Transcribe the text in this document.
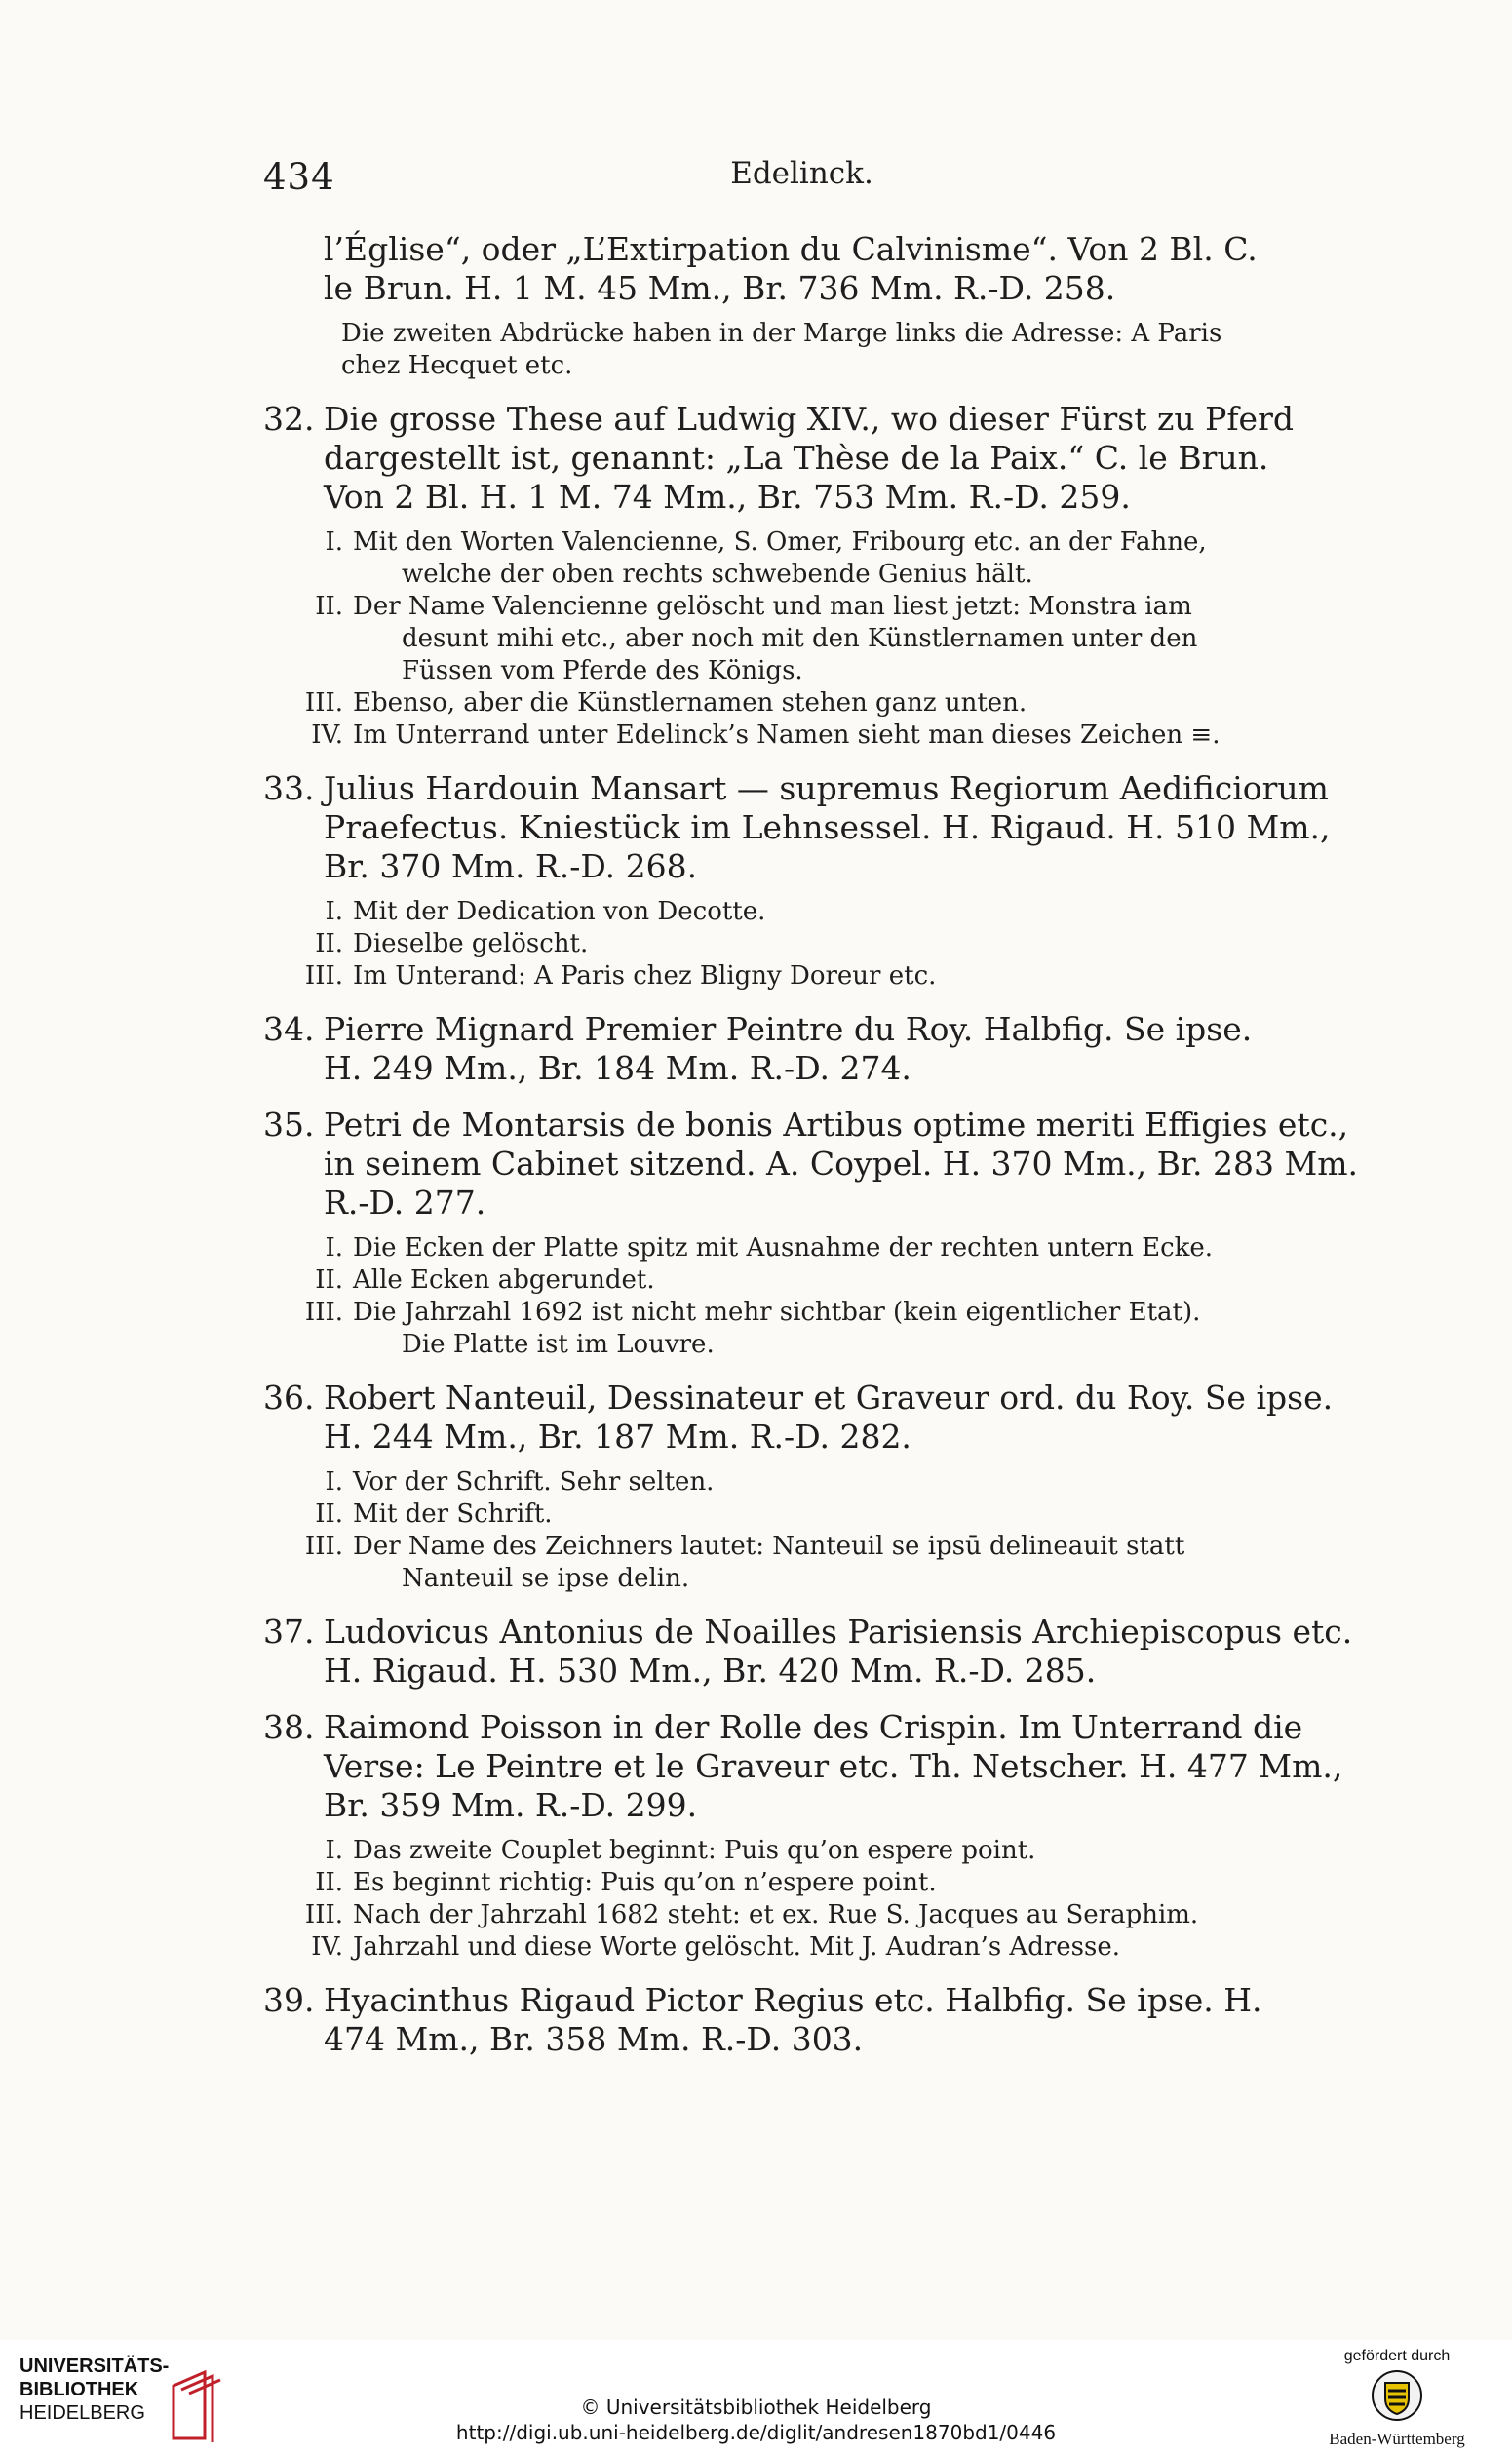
434	Edelinck.
l’Église“, oder „L’Extirpation du Calvinisme“. Von 2 Bl. C.
le Brun. H. 1 M. 45 Mm., Br. 736 Mm. R.-D. 258.
Die zweiten Abdrücke haben in der Marge links die Adresse: A Paris
chez Hecquet etc.
32. Die grosse These auf Ludwig XIV., wo dieser Fürst zu Pferd
dargestellt ist, genannt: „La Thèse de la Paix.“ C. le Brun.
Von 2 Bl. H. 1 M. 74 Mm., Br. 753 Mm. R.-D. 259.
I. Mit den Worten Valencienne, S. Omer, Fribourg etc. an der Fahne,
welche der oben rechts schwebende Genius hält.
II. Der Name Valencienne gelöscht und man liest jetzt: Monstra iam
desunt mihi etc., aber noch mit den Künstlernamen unter den
Füssen vom Pferde des Königs.
III. Ebenso, aber die Künstlernamen stehen ganz unten.
IV. Im Unterrand unter Edelinck’s Namen sieht man dieses Zeichen ≡.
33. Julius Hardouin Mansart — supremus Regiorum Aedificiorum
Praefectus. Kniestück im Lehnsessel. H. Rigaud. H. 510 Mm.,
Br. 370 Mm. R.-D. 268.
I. Mit der Dedication von Decotte.
II. Dieselbe gelöscht.
III. Im Unterand: A Paris chez Bligny Doreur etc.
34. Pierre Mignard Premier Peintre du Roy. Halbfig. Se ipse.
H. 249 Mm., Br. 184 Mm. R.-D. 274.
35. Petri de Montarsis de bonis Artibus optime meriti Effigies etc.,
in seinem Cabinet sitzend. A. Coypel. H. 370 Mm., Br. 283 Mm.
R.-D. 277.
I. Die Ecken der Platte spitz mit Ausnahme der rechten untern Ecke.
II. Alle Ecken abgerundet.
III. Die Jahrzahl 1692 ist nicht mehr sichtbar (kein eigentlicher Etat).
Die Platte ist im Louvre.
36. Robert Nanteuil, Dessinateur et Graveur ord. du Roy. Se ipse.
H. 244 Mm., Br. 187 Mm. R.-D. 282.
I. Vor der Schrift. Sehr selten.
II. Mit der Schrift.
III. Der Name des Zeichners lautet: Nanteuil se ipsū delineauit statt
Nanteuil se ipse delin.
37. Ludovicus Antonius de Noailles Parisiensis Archiepiscopus etc.
H. Rigaud. H. 530 Mm., Br. 420 Mm. R.-D. 285.
38. Raimond Poisson in der Rolle des Crispin. Im Unterrand die
Verse: Le Peintre et le Graveur etc. Th. Netscher. H. 477 Mm.,
Br. 359 Mm. R.-D. 299.
I. Das zweite Couplet beginnt: Puis qu’on espere point.
II. Es beginnt richtig: Puis qu’on n’espere point.
III. Nach der Jahrzahl 1682 steht: et ex. Rue S. Jacques au Seraphim.
IV. Jahrzahl und diese Worte gelöscht. Mit J. Audran’s Adresse.
39. Hyacinthus Rigaud Pictor Regius etc. Halbfig. Se ipse. H.
474 Mm., Br. 358 Mm. R.-D. 303.
UNIVERSITÄTS-
BIBLIOTHEK
HEIDELBERG	© Universitätsbibliothek Heidelberg
http://digi.ub.uni-heidelberg.de/diglit/andresen1870bd1/0446
gefördert durch
Baden-Württemberg
